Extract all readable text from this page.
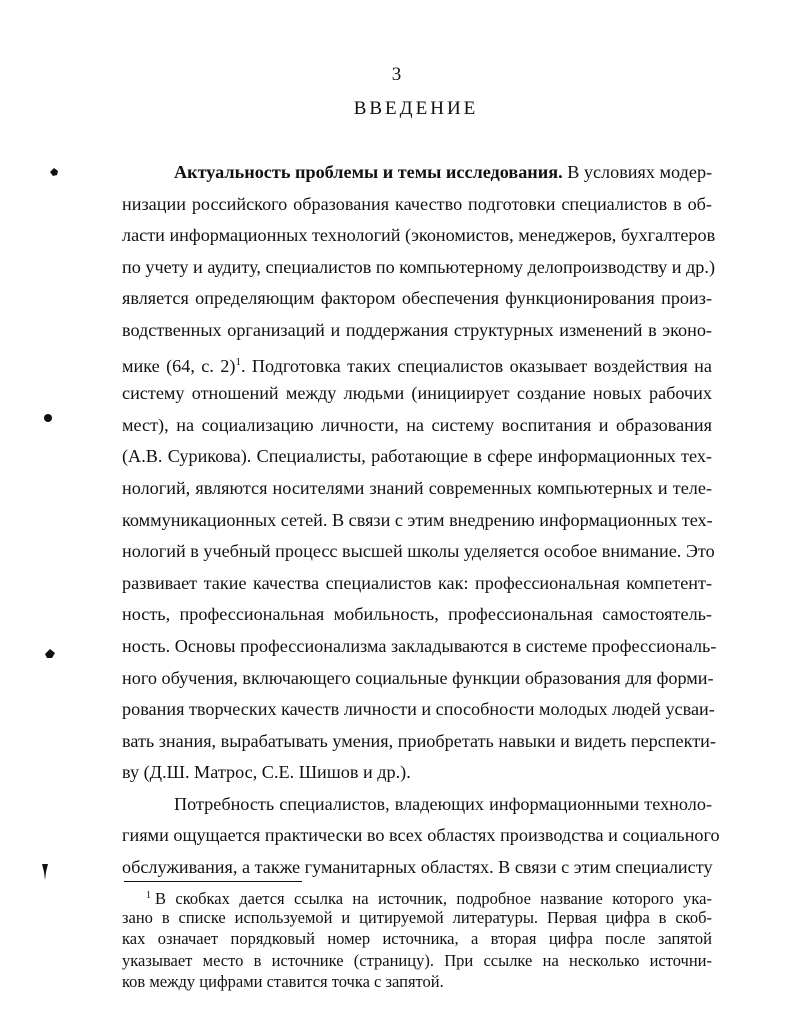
3
ВВЕДЕНИЕ
Актуальность проблемы и темы исследования. В условиях модер-
низации российского образования качество подготовки специалистов в об-
ласти информационных технологий (экономистов, менеджеров, бухгалтеров
по учету и аудиту, специалистов по компьютерному делопроизводству и др.)
является определяющим фактором обеспечения функционирования произ-
водственных организаций и поддержания структурных изменений в эконо-
мике (64, с. 2)$^1$. Подготовка таких специалистов оказывает воздействия на
систему отношений между людьми (инициирует создание новых рабочих
мест), на социализацию личности, на систему воспитания и образования
(А.В. Сурикова). Специалисты, работающие в сфере информационных тех-
нологий, являются носителями знаний современных компьютерных и теле-
коммуникационных сетей. В связи с этим внедрению информационных тех-
нологий в учебный процесс высшей школы уделяется особое внимание. Это
развивает такие качества специалистов как: профессиональная компетент-
ность, профессиональная мобильность, профессиональная самостоятель-
ность. Основы профессионализма закладываются в системе профессиональ-
ного обучения, включающего социальные функции образования для форми-
рования творческих качеств личности и способности молодых людей усваи-
вать знания, вырабатывать умения, приобретать навыки и видеть перспекти-
ву (Д.Ш. Матрос, С.Е. Шишов и др.).
Потребность специалистов, владеющих информационными техноло-
гиями ощущается практически во всех областях производства и социального
обслуживания, а также гуманитарных областях. В связи с этим специалисту
$^1$ В скобках дается ссылка на источник, подробное название которого ука-
зано в списке используемой и цитируемой литературы. Первая цифра в скоб-
ках означает порядковый номер источника, а вторая цифра после запятой
указывает место в источнике (страницу). При ссылке на несколько источни-
ков между цифрами ставится точка с запятой.
